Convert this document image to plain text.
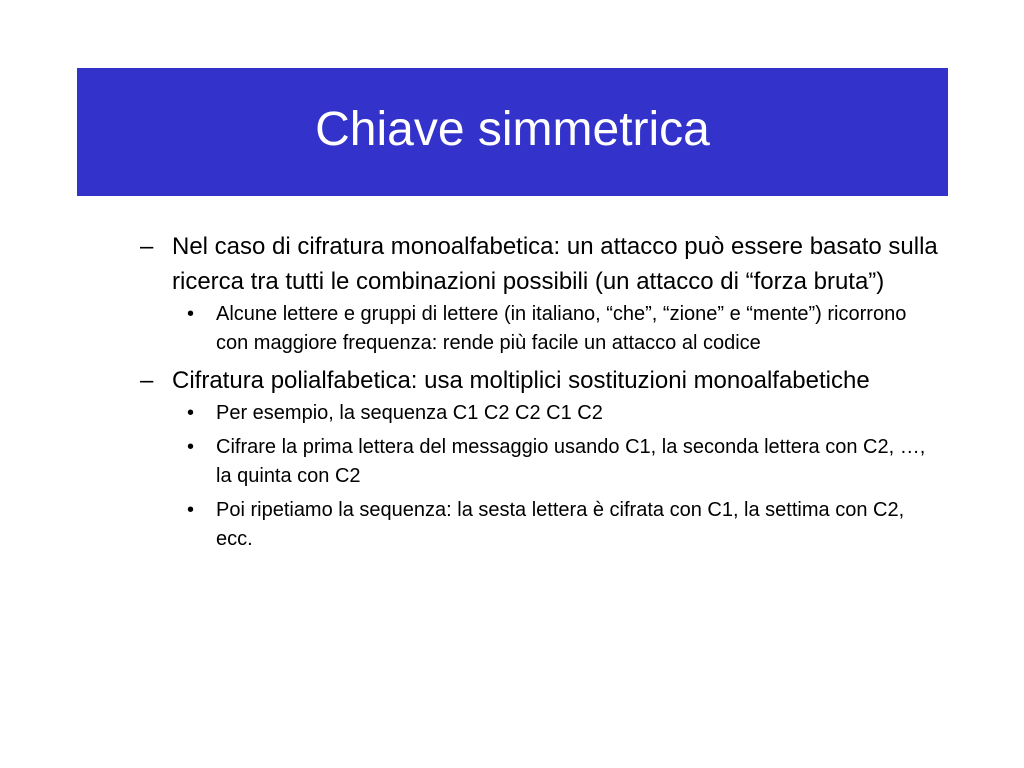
Chiave simmetrica
– Nel caso di cifratura monoalfabetica: un attacco può essere basato sulla ricerca tra tutti le combinazioni possibili (un attacco di “forza bruta”)
• Alcune lettere e gruppi di lettere (in italiano, “che”, “zione” e “mente”) ricorrono con maggiore frequenza: rende più facile un attacco al codice
– Cifratura polialfabetica: usa moltiplici sostituzioni monoalfabetiche
• Per esempio, la sequenza C1 C2 C2 C1 C2
• Cifrare la prima lettera del messaggio usando C1, la seconda lettera con C2, …, la quinta con C2
• Poi ripetiamo la sequenza: la sesta lettera è cifrata con C1, la settima con C2, ecc.
